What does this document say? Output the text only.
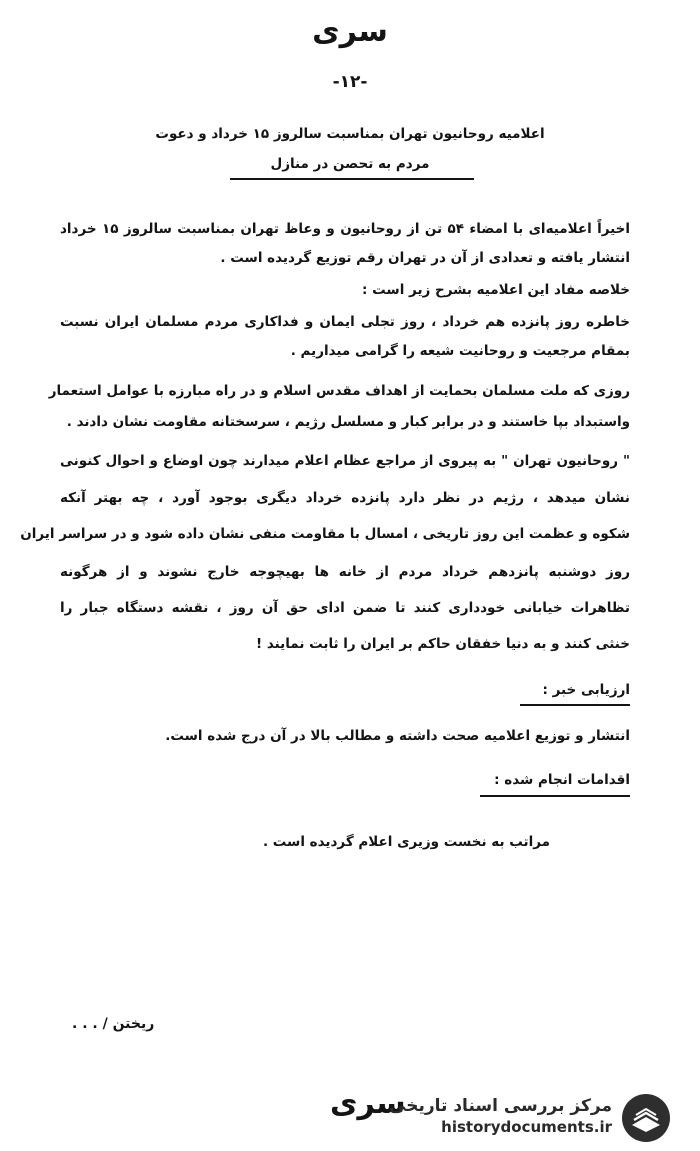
سری
-۱۲-
اعلامیه روحانیون تهران بمناسبت سالروز ۱۵ خرداد و دعوت
مردم به تحصن در منازل
اخیراً اعلامیه‌ای با امضاء ۵۴ تن از روحانیون و وعاظ تهران بمناسبت سالروز ۱۵ خرداد
انتشار یافته و تعدادی از آن در تهران رقم توزیع گردیده است .
خلاصه مفاد این اعلامیه بشرح زیر است :
خاطره روز پانزده هم خرداد ، روز تجلی ایمان و فداکاری مردم مسلمان ایران نسبت
بمقام مرجعیت و روحانیت شیعه را گرامی میداریم .
روزی که ملت مسلمان بحمایت از اهداف مقدس اسلام و در راه مبارزه با عوامل استعمار
واستبداد بپا خاستند و در برابر کبار و مسلسل رژیم ، سرسختانه مقاومت نشان دادند .
" روحانیون تهران " به پیروی از مراجع عظام اعلام میدارند چون اوضاع و احوال کنونی
نشان میدهد ، رژیم در نظر دارد پانزده خرداد دیگری بوجود آورد ، چه بهتر آنکه
شکوه و عظمت این روز تاریخی ، امسال با مقاومت منفی نشان داده شود و در سراسر ایران
روز دوشنبه پانزدهم خرداد مردم از خانه ها بهیچوجه خارج نشوند و از هرگونه
تظاهرات خیابانی خودداری کنند تا ضمن ادای حق آن روز ، نقشه دستگاه جبار را
خنثی کنند و به دنیا خفقان حاکم بر ایران را ثابت نمایند !
ارزیابی خبر :
انتشار و توزیع اعلامیه صحت داشته و مطالب بالا در آن درج شده است.
اقدامات انجام شده :
مراتب به نخست وزیری اعلام گردیده است .
ریختن / . . .
سری
مرکز بررسی اسناد تاریخی
historydocuments.ir
